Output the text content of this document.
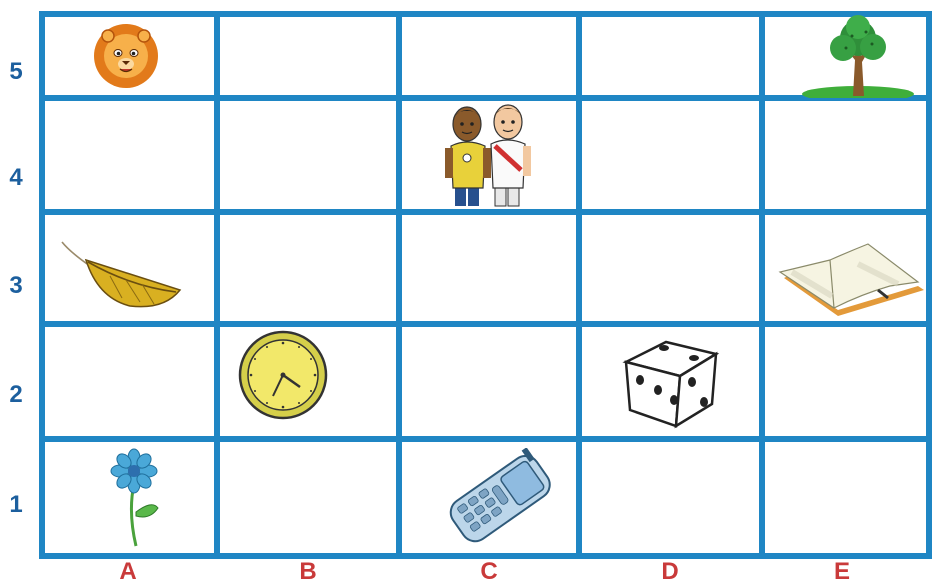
5
4
3
2
1
A	B	C	D	E
